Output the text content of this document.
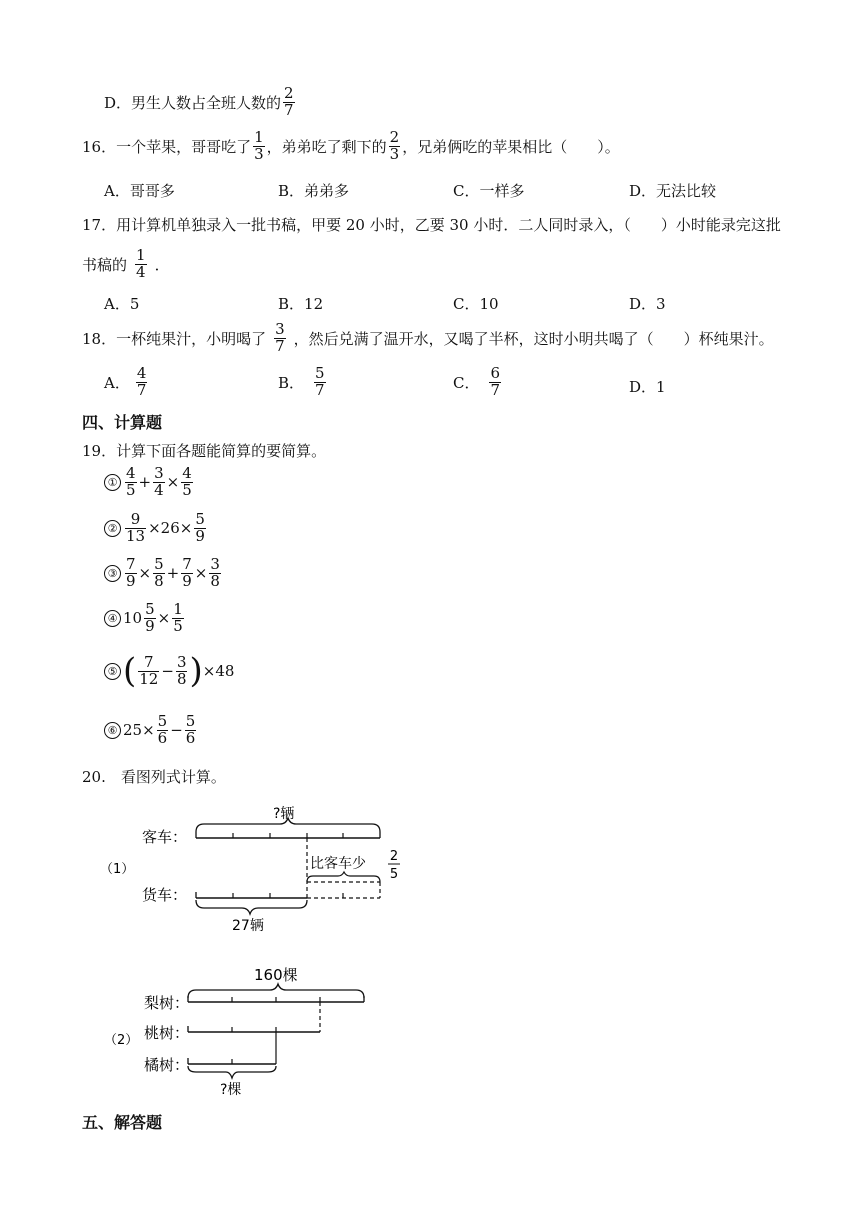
D．男生人数占全班人数的 $\frac{2}{7}$
16．一个苹果，哥哥吃了 $\frac{1}{3}$ ，弟弟吃了剩下的 $\frac{2}{3}$ ，兄弟俩吃的苹果相比（　　）。
A．哥哥多	B．弟弟多	C．一样多	D．无法比较
17．用计算机单独录入一批书稿，甲要 20 小时，乙要 30 小时．二人同时录入，（　　）小时能录完这批
书稿的 $\frac{1}{4}$ ．
A．5	B．12	C．10	D．3
18．一杯纯果汁，小明喝了 $\frac{3}{7}$ ，然后兑满了温开水，又喝了半杯，这时小明共喝了（　　）杯纯果汁。
A． $\frac{4}{7}$	B． $\frac{5}{7}$	C． $\frac{6}{7}$	D．1
四、计算题
19．计算下面各题能简算的要简算。
① $\frac{4}{5} + \frac{3}{4} \times \frac{4}{5}$
② $\frac{9}{13} \times 26\times \frac{5}{9}$
③ $\frac{7}{9} \times \frac{5}{8} + \frac{7}{9} \times \frac{3}{8}$
④ $10 \frac{5}{9} \times \frac{1}{5}$
⑤ ( $\frac{7}{12} - \frac{3}{8}$ ) ×48
⑥ $25\times \frac{5}{6} - \frac{5}{6}$
20.　看图列式计算。
（1）
客车：
货车：
?辆
比客车少 2
5
27辆
160棵
梨树：
（2） 桃树：
橘树：
?棵
五、解答题
